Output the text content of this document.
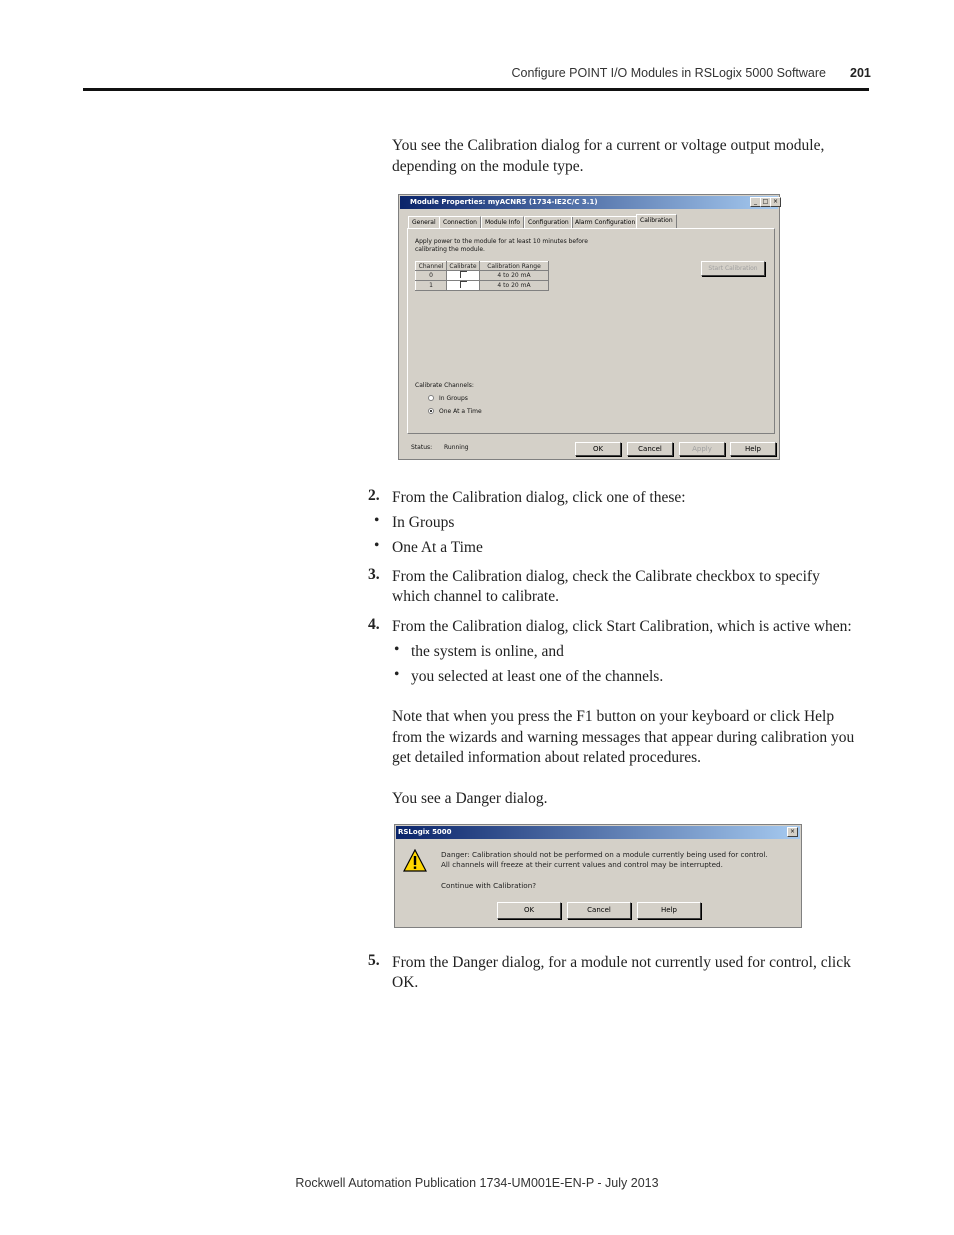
Configure POINT I/O Modules in RSLogix 5000 Software 201
You see the Calibration dialog for a current or voltage output module, depending on the module type.
Module Properties: myACNR5 (1734-IE2C/C 3.1)	_ □ ×
General	Connection	Module Info	Configuration	Alarm Configuration Calibration
Apply power to the module for at least 10 minutes before
calibrating the module.
Channel	Calibrate	Calibration Range
0		4 to 20 mA
1		4 to 20 mA
Start Calibration
Calibrate Channels:
In Groups
One At a Time
Status: Running	OK	Cancel	Apply	Help
2. From the Calibration dialog, click one of these:
• In Groups
• One At a Time
3. From the Calibration dialog, check the Calibrate checkbox to specify
which channel to calibrate.
4. From the Calibration dialog, click Start Calibration, which is active when:
• the system is online, and
• you selected at least one of the channels.
Note that when you press the F1 button on your keyboard or click Help
from the wizards and warning messages that appear during calibration you
get detailed information about related procedures.
You see a Danger dialog.
RSLogix 5000	×
Danger: Calibration should not be performed on a module currently being used for control.
All channels will freeze at their current values and control may be interrupted.
Continue with Calibration?
OK	Cancel	Help
5. From the Danger dialog, for a module not currently used for control, click
OK.
Rockwell Automation Publication 1734-UM001E-EN-P - July 2013
